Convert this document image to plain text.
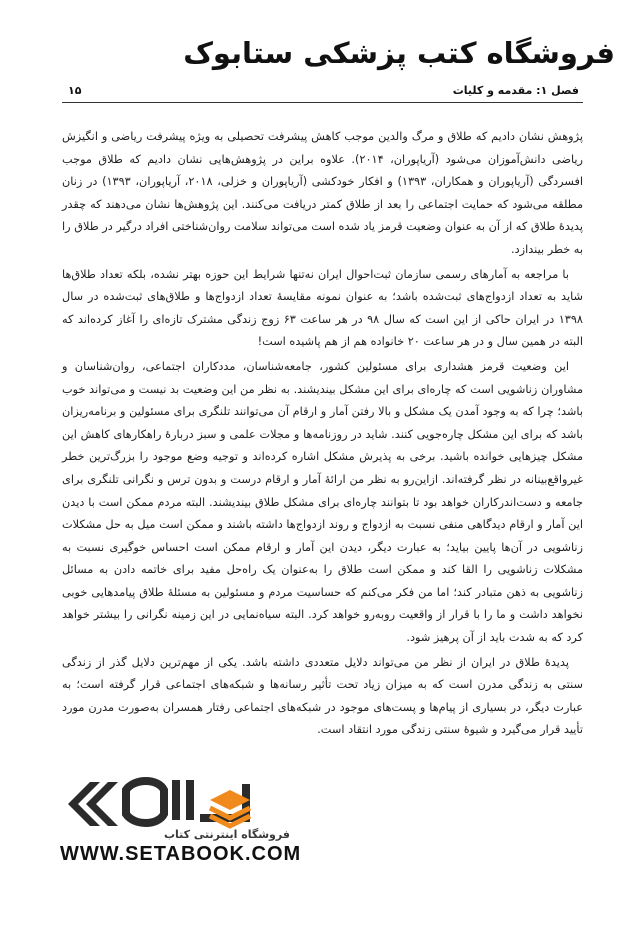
فروشگاه کتب پزشکی ستابوک
فصل ۱: مقدمه و کلیات
۱۵

پژوهش نشان دادیم که طلاق و مرگ والدین موجب کاهش پیشرفت تحصیلی به ویژه پیشرفت ریاضی و انگیزش ریاضی دانش‌آموزان می‌شود (آریاپوران، ۲۰۱۴). علاوه براین در پژوهش‌هایی نشان دادیم که طلاق موجب افسردگی (آریاپوران و همکاران، ۱۳۹۳) و افکار خودکشی (آریاپوران و خزلی، ۲۰۱۸، آریاپوران، ۱۳۹۳) در زنان مطلقه می‌شود که حمایت اجتماعی را بعد از طلاق کمتر دریافت می‌کنند. این پژوهش‌ها نشان می‌دهند که چقدر پدیدهٔ طلاق که از آن به عنوان وضعیت قرمز یاد شده است می‌تواند سلامت روان‌شناختی افراد درگیر در طلاق را به خطر بیندازد.

با مراجعه به آمارهای رسمی سازمان ثبت‌احوال ایران نه‌تنها شرایط این حوزه بهتر نشده، بلکه تعداد طلاق‌ها شاید به تعداد ازدواج‌های ثبت‌شده باشد؛ به عنوان نمونه مقایسهٔ تعداد ازدواج‌ها و طلاق‌های ثبت‌شده در سال ۱۳۹۸ در ایران حاکی از این است که سال ۹۸ در هر ساعت ۶۳ زوج زندگی مشترک تازه‌ای را آغاز کرده‌اند که البته در همین سال و در هر ساعت ۲۰ خانواده هم از هم پاشیده است!

این وضعیت قرمز هشداری برای مسئولین کشور، جامعه‌شناسان، مددکاران اجتماعی، روان‌شناسان و مشاوران زناشویی است که چاره‌ای برای این مشکل بیندیشند. به نظر من این وضعیت بد نیست و می‌تواند خوب باشد؛ چرا که به وجود آمدن یک مشکل و بالا رفتن آمار و ارقام آن می‌توانند تلنگری برای مسئولین و برنامه‌ریزان باشد که برای این مشکل چاره‌جویی کنند. شاید در روزنامه‌ها و مجلات علمی و سبز دربارهٔ راهکارهای کاهش این مشکل چیزهایی خوانده باشید. برخی به پذیرش مشکل اشاره کرده‌اند و توجیه وضع موجود را بزرگ‌ترین خطر غیرواقع‌بینانه در نظر گرفته‌اند. ازاین‌رو به نظر من ارائهٔ آمار و ارقام درست و بدون ترس و نگرانی تلنگری برای جامعه و دست‌اندرکاران خواهد بود تا بتوانند چاره‌ای برای مشکل طلاق بیندیشند. البته مردم ممکن است با دیدن این آمار و ارقام دیدگاهی منفی نسبت به ازدواج و روند ازدواج‌ها داشته باشند و ممکن است میل به حل مشکلات زناشویی در آن‌ها پایین بیاید؛ به عبارت دیگر، دیدن این آمار و ارقام ممکن است احساس خوگیری نسبت به مشکلات زناشویی را القا کند و ممکن است طلاق را به‌عنوان یک راه‌حل مفید برای خاتمه دادن به مسائل زناشویی به ذهن متبادر کند؛ اما من فکر می‌کنم که حساسیت مردم و مسئولین به مسئلهٔ طلاق پیامدهایی خوبی نخواهد داشت و ما را با قرار از واقعیت روبه‌رو خواهد کرد. البته سیاه‌نمایی در این زمینه نگرانی را بیشتر خواهد کرد که به شدت باید از آن پرهیز شود.

پدیدهٔ طلاق در ایران از نظر من می‌تواند دلایل متعددی داشته باشد. یکی از مهم‌ترین دلایل گذر از زندگی سنتی به زندگی مدرن است که به میزان زیاد تحت تأثیر رسانه‌ها و شبکه‌های اجتماعی قرار گرفته است؛ به عبارت دیگر، در بسیاری از پیام‌ها و پست‌های موجود در شبکه‌های اجتماعی رفتار همسران به‌صورت مدرن مورد تأیید قرار می‌گیرد و شیوهٔ سنتی زندگی مورد انتقاد است.

فروشگاه اینترنتی کتاب
WWW.SETABOOK.COM
